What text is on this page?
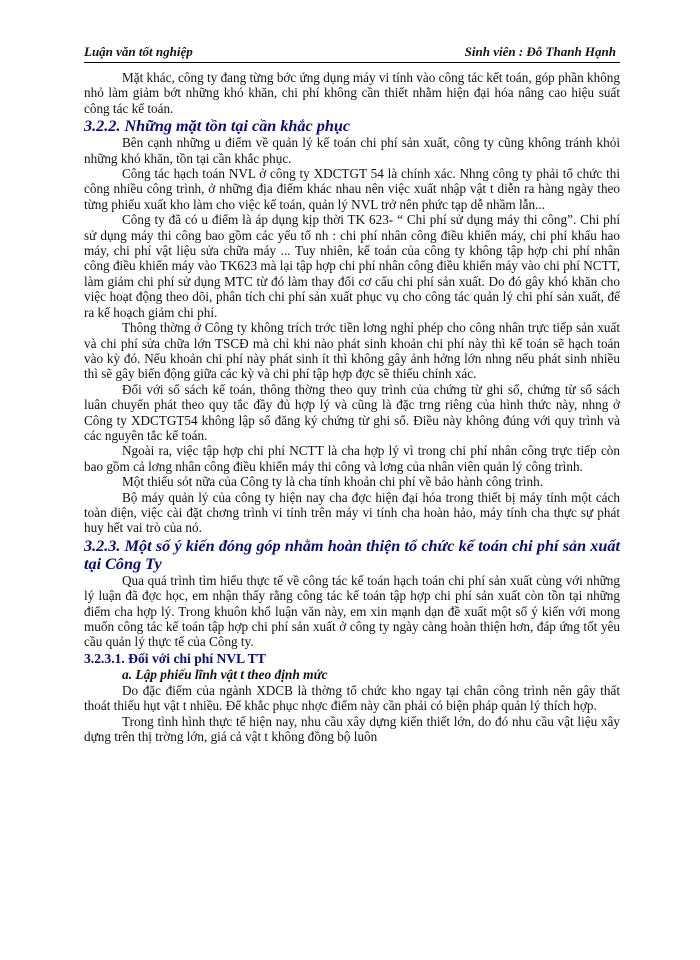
Luận văn tốt nghiệp	Sinh viên : Đỗ Thanh Hạnh

Mặt khác, công ty đang từng bớc ứng dụng máy vi tính vào công tác kết toán, góp phần không nhỏ làm giảm bớt những khó khăn, chi phí không cần thiết nhằm hiện đại hóa nâng cao hiệu suất công tác kế toán.

3.2.2. Những mặt tồn tại cần khắc phục

Bên cạnh những u điểm về quản lý kế toán chi phí sản xuất, công ty cũng không tránh khỏi những khó khăn, tồn tại cần khắc phục.

Công tác hạch toán NVL ở công ty XDCTGT 54 là chính xác. Nhng công ty phải tổ chức thi công nhiều công trình, ở những địa điểm khác nhau nên việc xuất nhập vật t diễn ra hàng ngày theo từng phiếu xuất kho làm cho việc kế toán, quản lý NVL trở nên phức tạp dễ nhầm lẫn...

Công ty đã có u điểm là áp dụng kịp thời TK 623- “ Chi phí sử dụng máy thi công”. Chi phí sử dụng máy thi công bao gồm các yếu tố nh : chi phí nhân công điều khiển máy, chi phí khấu hao máy, chi phí vật liệu sửa chữa máy ... Tuy nhiên, kế toán của công ty không tập hợp chi phí nhân công điều khiển máy vào TK623 mà lại tập hợp chi phí nhân công điều khiển máy vào chi phí NCTT, làm giảm chi phí sử dụng MTC từ đó làm thay đổi cơ cấu chi phí sản xuất. Do đó gây khó khăn cho việc hoạt động theo dõi, phân tích chi phí sản xuất phục vụ cho công tác quản lý chi phí sản xuất, để ra kế hoạch giảm chi phí.

Thông thờng ở Công ty không trích trớc tiền lơng nghỉ phép cho công nhân trực tiếp sản xuất và chi phí sửa chữa lớn TSCĐ mà chỉ khi nào phát sinh khoản chi phí này thì kế toán sẽ hạch toán vào kỳ đó. Nếu khoản chi phí này phát sinh ít thì không gây ảnh hởng lớn nhng nếu phát sinh nhiều thì sẽ gây biến động giữa các kỳ và chi phí tập hợp đợc sẽ thiếu chính xác.

Đối với sổ sách kế toán, thông thờng theo quy trình của chứng từ ghi sổ, chứng từ sổ sách luân chuyển phát theo quy tắc đầy đủ hợp lý và cũng là đặc trng riêng của hình thức này, nhng ở Công ty XDCTGT54 không lập sổ đăng ký chứng từ ghi sổ. Điều này không đúng với quy trình và các nguyên tắc kế toán.

Ngoài ra, việc tập hợp chi phí NCTT là cha hợp lý vì trong chi phí nhân công trực tiếp còn bao gồm cả lơng nhân công điều khiển máy thi công và lơng của nhân viên quản lý công trình.

Một thiếu sót nữa của Công ty là cha tính khoản chi phí về bảo hành công trình.

Bộ máy quản lý của công ty hiện nay cha đợc hiện đại hóa trong thiết bị máy tính một cách toàn diện, việc cài đặt chơng trình vi tính trên máy vi tính cha hoàn hảo, máy tính cha thực sự phát huy hết vai trò của nó.

3.2.3. Một số ý kiến đóng góp nhằm hoàn thiện tổ chức kế toán chi phí sản xuất tại Công Ty

Qua quá trình tìm hiểu thực tế về công tác kế toán hạch toán chi phí sản xuất cùng với những lý luận đã đợc học, em nhận thấy rằng công tác kế toán tập hợp chi phí sản xuất còn tồn tại những điểm cha hợp lý. Trong khuôn khổ luận văn này, em xin mạnh dạn đề xuất một số ý kiến với mong muốn công tác kế toán tập hợp chi phí sản xuất ở công ty ngày càng hoàn thiện hơn, đáp ứng tốt yêu cầu quản lý thực tế của Công ty.

3.2.3.1. Đối với chi phí NVL TT
a. Lập phiếu lĩnh vật t theo định mức

Do đặc điểm của ngành XDCB là thờng tổ chức kho ngay tại chân công trình nên gây thất thoát thiếu hụt vật t nhiều. Để khắc phục nhợc điểm này cần phải có biện pháp quản lý thích hợp.

Trong tình hình thực tế hiện nay, nhu cầu xây dựng kiến thiết lớn, do đó nhu cầu vật liệu xây dựng trên thị trờng lớn, giá cả vật t không đồng bộ luôn
